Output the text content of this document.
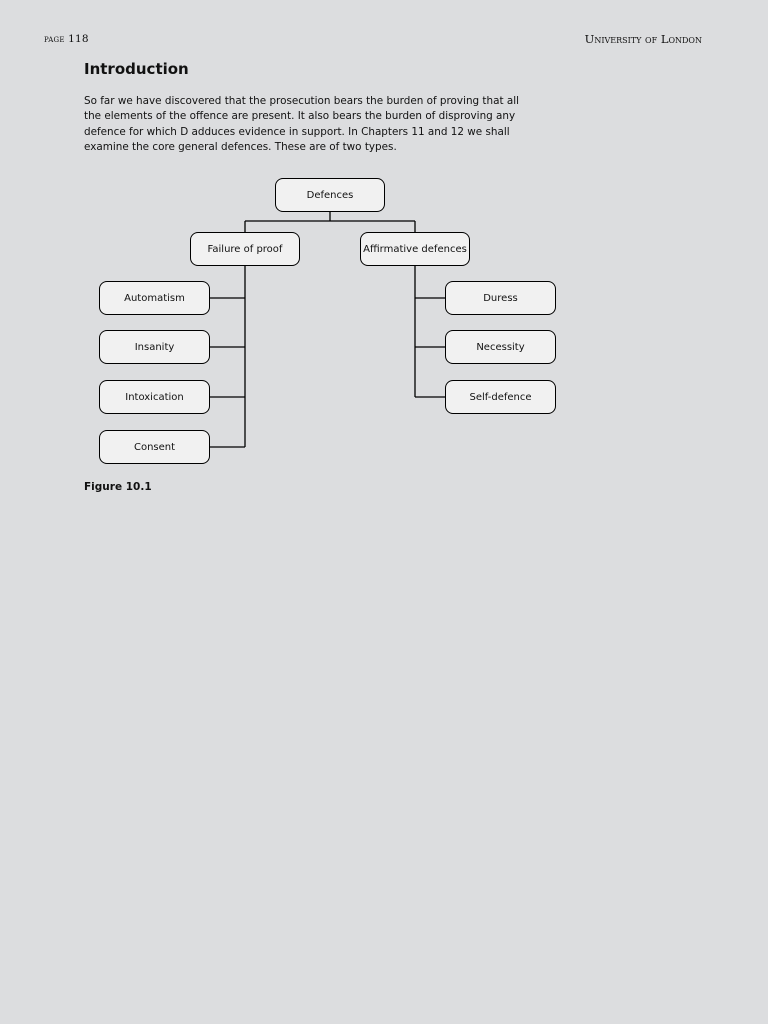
page 118	University of London
Introduction

So far we have discovered that the prosecution bears the burden of proving that all the elements of the offence are present. It also bears the burden of disproving any defence for which D adduces evidence in support. In Chapters 11 and 12 we shall examine the core general defences. These are of two types.

Defences
Failure of proof	Affirmative defences
Automatism
Insanity
Intoxication
Consent
Duress
Necessity
Self-defence
Figure 10.1
